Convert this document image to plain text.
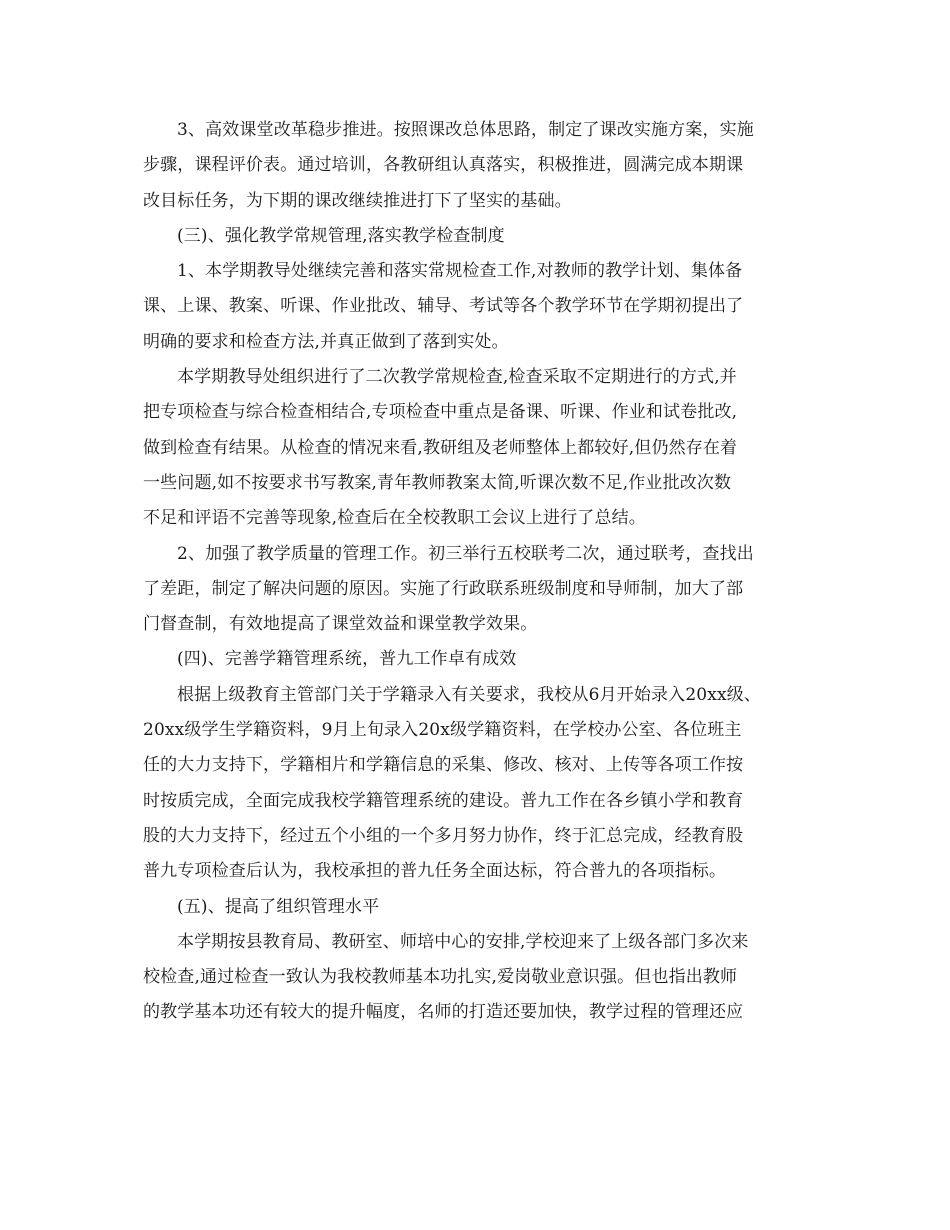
3、高效课堂改革稳步推进。按照课改总体思路，制定了课改实施方案，实施
步骤，课程评价表。通过培训，各教研组认真落实，积极推进，圆满完成本期课
改目标任务，为下期的课改继续推进打下了坚实的基础。
(三)、强化教学常规管理,落实教学检查制度
1、本学期教导处继续完善和落实常规检查工作,对教师的教学计划、集体备
课、上课、教案、听课、作业批改、辅导、考试等各个教学环节在学期初提出了
明确的要求和检查方法,并真正做到了落到实处。
本学期教导处组织进行了二次教学常规检查,检查采取不定期进行的方式,并
把专项检查与综合检查相结合,专项检查中重点是备课、听课、作业和试卷批改,
做到检查有结果。从检查的情况来看,教研组及老师整体上都较好,但仍然存在着
一些问题,如不按要求书写教案,青年教师教案太简,听课次数不足,作业批改次数
不足和评语不完善等现象,检查后在全校教职工会议上进行了总结。
2、加强了教学质量的管理工作。初三举行五校联考二次，通过联考，查找出
了差距，制定了解决问题的原因。实施了行政联系班级制度和导师制，加大了部
门督查制，有效地提高了课堂效益和课堂教学效果。
(四)、完善学籍管理系统，普九工作卓有成效
根据上级教育主管部门关于学籍录入有关要求，我校从6月开始录入20xx级、
20xx级学生学籍资料，9月上旬录入20x级学籍资料，在学校办公室、各位班主
任的大力支持下，学籍相片和学籍信息的采集、修改、核对、上传等各项工作按
时按质完成，全面完成我校学籍管理系统的建设。普九工作在各乡镇小学和教育
股的大力支持下，经过五个小组的一个多月努力协作，终于汇总完成，经教育股
普九专项检查后认为，我校承担的普九任务全面达标，符合普九的各项指标。
(五)、提高了组织管理水平
本学期按县教育局、教研室、师培中心的安排,学校迎来了上级各部门多次来
校检查,通过检查一致认为我校教师基本功扎实,爱岗敬业意识强。但也指出教师
的教学基本功还有较大的提升幅度，名师的打造还要加快，教学过程的管理还应
